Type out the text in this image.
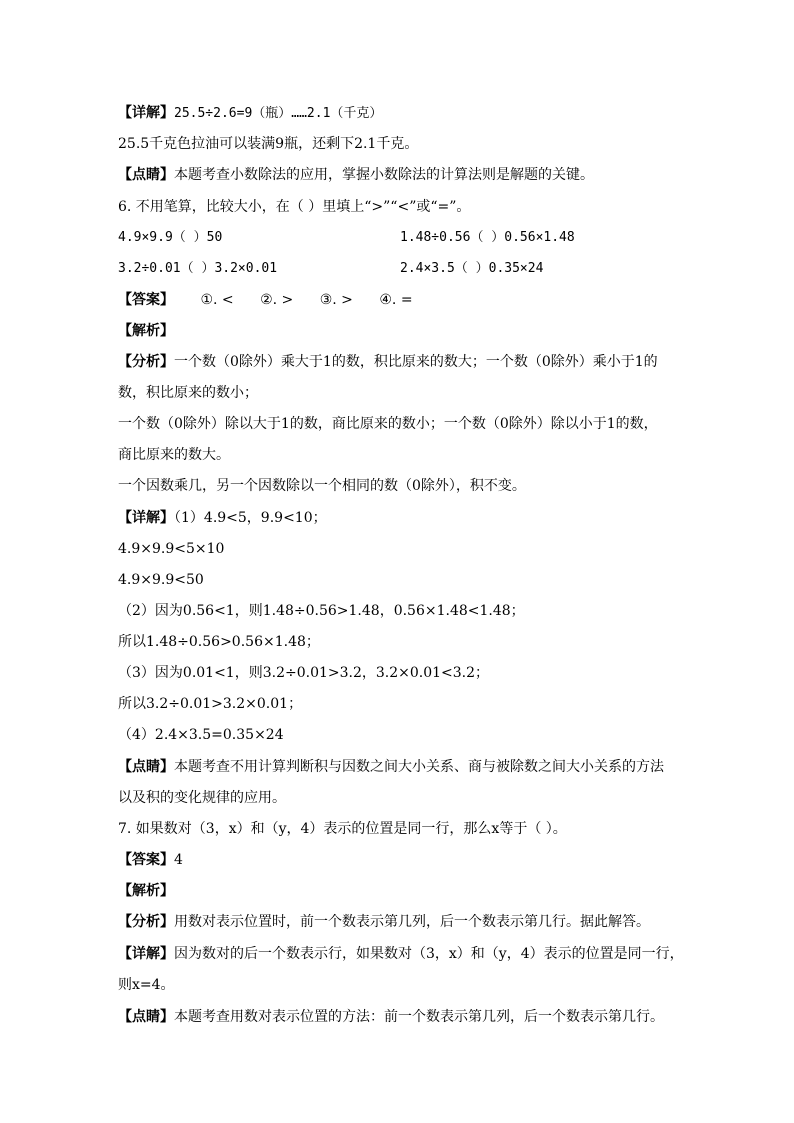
【详解】25.5÷2.6=9（瓶）……2.1（千克）
25.5千克色拉油可以装满9瓶，还剩下2.1千克。
【点睛】本题考查小数除法的应用，掌握小数除法的计算法则是解题的关键。
6. 不用笔算，比较大小，在（ ）里填上“>”“<”或“=”。
4.9×9.9（ ）50	1.48÷0.56（ ）0.56×1.48
3.2÷0.01（ ）3.2×0.01	2.4×3.5（ ）0.35×24
【答案】 ①. < ②. > ③. > ④. =
【解析】
【分析】一个数（0除外）乘大于1的数，积比原来的数大；一个数（0除外）乘小于1的
数，积比原来的数小；
一个数（0除外）除以大于1的数，商比原来的数小；一个数（0除外）除以小于1的数，
商比原来的数大。
一个因数乘几，另一个因数除以一个相同的数（0除外），积不变。
【详解】（1）4.9<5，9.9<10；
4.9×9.9<5×10
4.9×9.9<50
（2）因为0.56<1，则1.48÷0.56>1.48，0.56×1.48<1.48；
所以1.48÷0.56>0.56×1.48；
（3）因为0.01<1，则3.2÷0.01>3.2，3.2×0.01<3.2；
所以3.2÷0.01>3.2×0.01；
（4）2.4×3.5=0.35×24
【点睛】本题考查不用计算判断积与因数之间大小关系、商与被除数之间大小关系的方法
以及积的变化规律的应用。
7. 如果数对（3，x）和（y，4）表示的位置是同一行，那么x等于（ ）。
【答案】4
【解析】
【分析】用数对表示位置时，前一个数表示第几列，后一个数表示第几行。据此解答。
【详解】因为数对的后一个数表示行，如果数对（3，x）和（y，4）表示的位置是同一行，
则x=4。
【点睛】本题考查用数对表示位置的方法：前一个数表示第几列，后一个数表示第几行。
